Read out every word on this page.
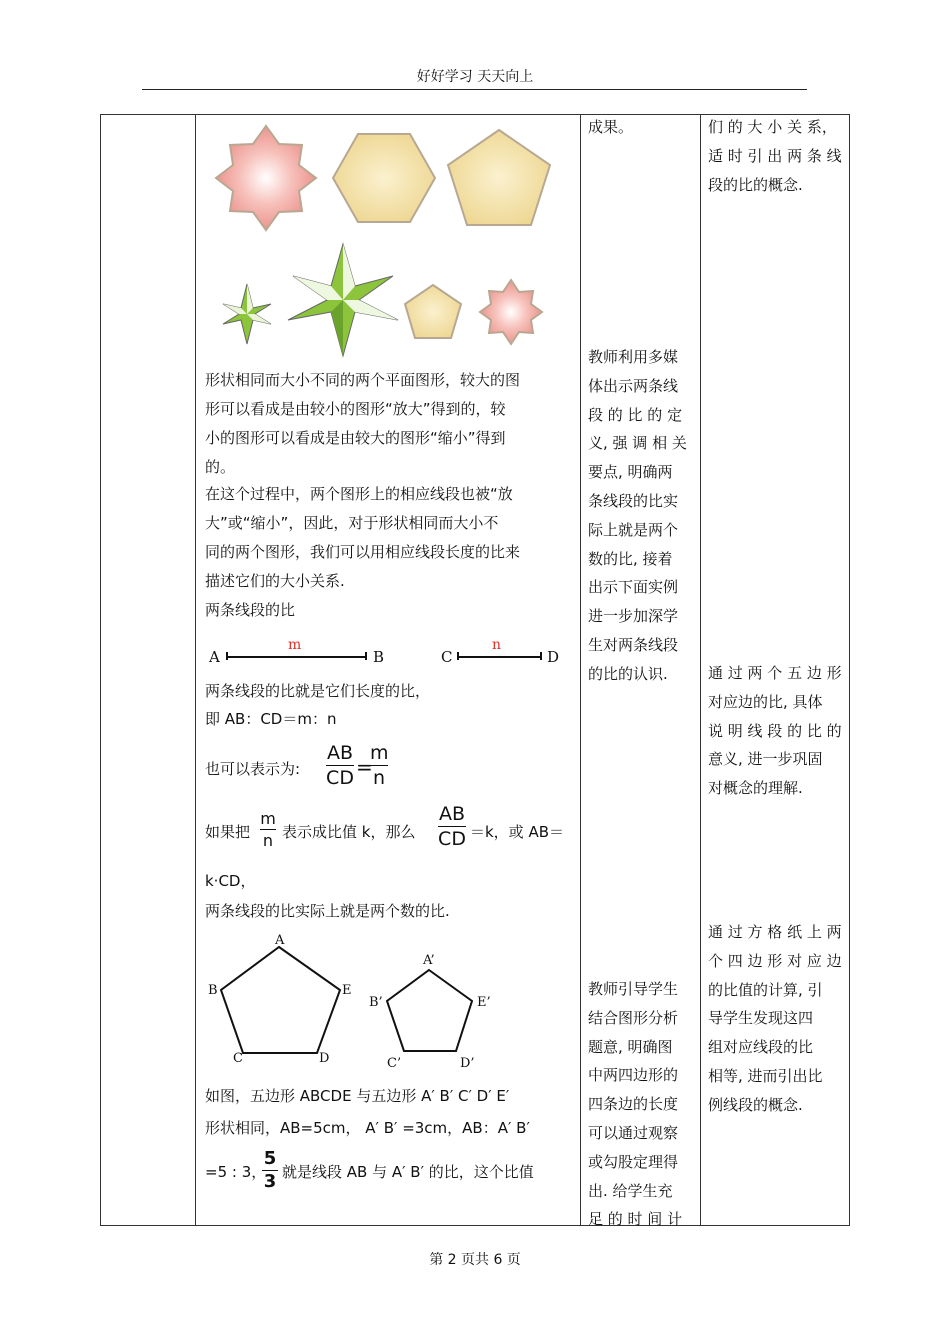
好好学习 天天向上
第 2 页共 6 页
形状相同而大小不同的两个平面图形，较大的图
形可以看成是由较小的图形“放大”得到的，较
小的图形可以看成是由较大的图形“缩小”得到
的。
在这个过程中，两个图形上的相应线段也被“放
大”或“缩小”，因此，对于形状相同而大小不
同的两个图形，我们可以用相应线段长度的比来
描述它们的大小关系.
两条线段的比
A	B
m
C	D
n
两条线段的比就是它们长度的比，
即 AB：CD＝m：n
也可以表示为:
AB
CD =
m
n
如果把
m
n 表示成比值 k，那么
AB
CD ＝k，或 AB＝
k·CD，
两条线段的比实际上就是两个数的比.
A
B	E
C	D
A’
B’	E’
C’	D’
如图，五边形 ABCDE 与五边形 A′ B′ C′ D′ E′
形状相同，AB=5cm， A′ B′ =3cm，AB：A′ B′
=5 : 3，
5
3 就是线段 AB 与 A′ B′ 的比，这个比值
成果。
教师利用多媒
体出示两条线
段 的 比 的 定
义, 强 调 相 关
要点, 明确两
条线段的比实
际上就是两个
数的比, 接着
出示下面实例
进一步加深学
生对两条线段
的比的认识.
教师引导学生
结合图形分析
题意, 明确图
中两四边形的
四条边的长度
可以通过观察
或勾股定理得
出. 给学生充
足 的 时 间 计
们 的 大 小 关 系，
适 时 引 出 两 条 线
段的比的概念.
通 过 两 个 五 边 形
对应边的比, 具体
说 明 线 段 的 比 的
意义, 进一步巩固
对概念的理解.
通 过 方 格 纸 上 两
个 四 边 形 对 应 边
的比值的计算, 引
导学生发现这四
组对应线段的比
相等, 进而引出比
例线段的概念.
